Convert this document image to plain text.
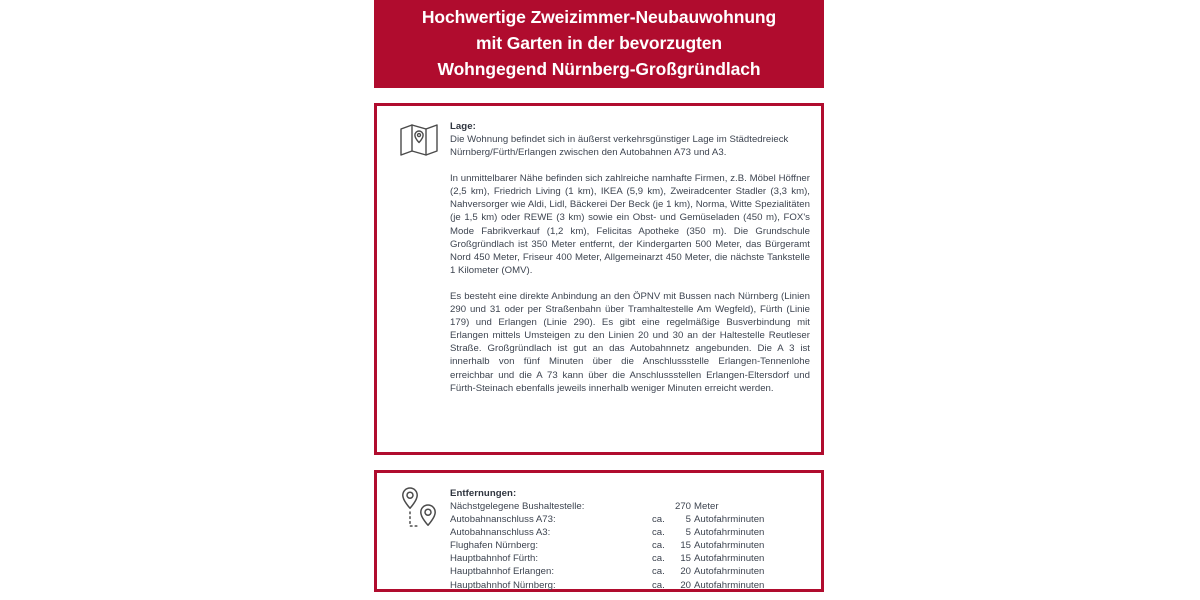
Hochwertige Zweizimmer-Neubauwohnung
mit Garten in der bevorzugten
Wohngegend Nürnberg-Großgründlach
Lage:

Die Wohnung befindet sich in äußerst verkehrsgünstiger Lage im Städtedreieck Nürnberg/Fürth/Erlangen zwischen den Autobahnen A73 und A3.

In unmittelbarer Nähe befinden sich zahlreiche namhafte Firmen, z.B. Möbel Höffner (2,5 km), Friedrich Living (1 km), IKEA (5,9 km), Zweiradcenter Stadler (3,3 km), Nahversorger wie Aldi, Lidl, Bäckerei Der Beck (je 1 km), Norma, Witte Spezialitäten (je 1,5 km) oder REWE (3 km) sowie ein Obst- und Gemüseladen (450 m), FOX's Mode Fabrikverkauf (1,2 km), Felicitas Apotheke (350 m). Die Grundschule Großgründlach ist 350 Meter entfernt, der Kindergarten 500 Meter, das Bürgeramt Nord 450 Meter, Friseur 400 Meter, Allgemeinarzt 450 Meter, die nächste Tankstelle 1 Kilometer (OMV).

Es besteht eine direkte Anbindung an den ÖPNV mit Bussen nach Nürnberg (Linien 290 und 31 oder per Straßenbahn über Tramhaltestelle Am Wegfeld), Fürth (Linie 179) und Erlangen (Linie 290). Es gibt eine regelmäßige Busverbindung mit Erlangen mittels Umsteigen zu den Linien 20 und 30 an der Haltestelle Reutleser Straße. Großgründlach ist gut an das Autobahnnetz angebunden. Die A 3 ist innerhalb von fünf Minuten über die Anschlussstelle Erlangen-Tennenlohe erreichbar und die A 73 kann über die Anschlussstellen Erlangen-Eltersdorf und Fürth-Steinach ebenfalls jeweils innerhalb weniger Minuten erreicht werden.

Entfernungen:
Nächstgelegene Bushaltestelle:		270	Meter
Autobahnanschluss A73:	ca.	5	Autofahrminuten
Autobahnanschluss A3:	ca.	5	Autofahrminuten
Flughafen Nürnberg:	ca.	15	Autofahrminuten
Hauptbahnhof Fürth:	ca.	15	Autofahrminuten
Hauptbahnhof Erlangen:	ca.	20	Autofahrminuten
Hauptbahnhof Nürnberg:	ca.	20	Autofahrminuten
